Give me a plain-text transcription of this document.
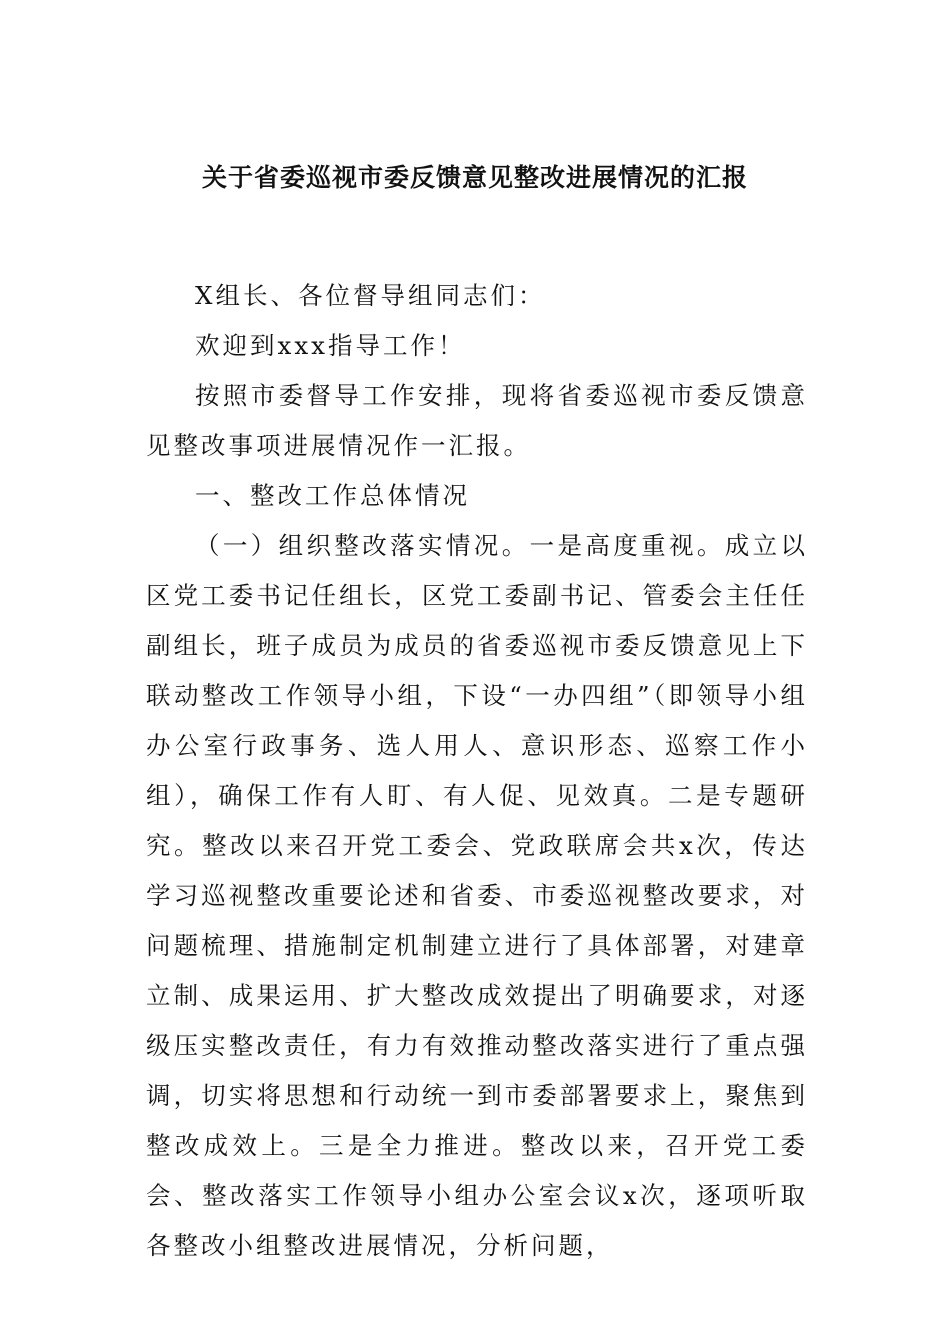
关于省委巡视市委反馈意见整改进展情况的汇报

X组长、各位督导组同志们：

欢迎到xxx指导工作！

按照市委督导工作安排，现将省委巡视市委反馈意见整改事项进展情况作一汇报。

一、整改工作总体情况

（一）组织整改落实情况。一是高度重视。成立以区党工委书记任组长，区党工委副书记、管委会主任任副组长，班子成员为成员的省委巡视市委反馈意见上下联动整改工作领导小组，下设“一办四组”（即领导小组办公室行政事务、选人用人、意识形态、巡察工作小组），确保工作有人盯、有人促、见效真。二是专题研究。整改以来召开党工委会、党政联席会共x次，传达学习巡视整改重要论述和省委、市委巡视整改要求，对问题梳理、措施制定机制建立进行了具体部署，对建章立制、成果运用、扩大整改成效提出了明确要求，对逐级压实整改责任，有力有效推动整改落实进行了重点强调，切实将思想和行动统一到市委部署要求上，聚焦到整改成效上。三是全力推进。整改以来，召开党工委会、整改落实工作领导小组办公室会议x次，逐项听取各整改小组整改进展情况，分析问题，
